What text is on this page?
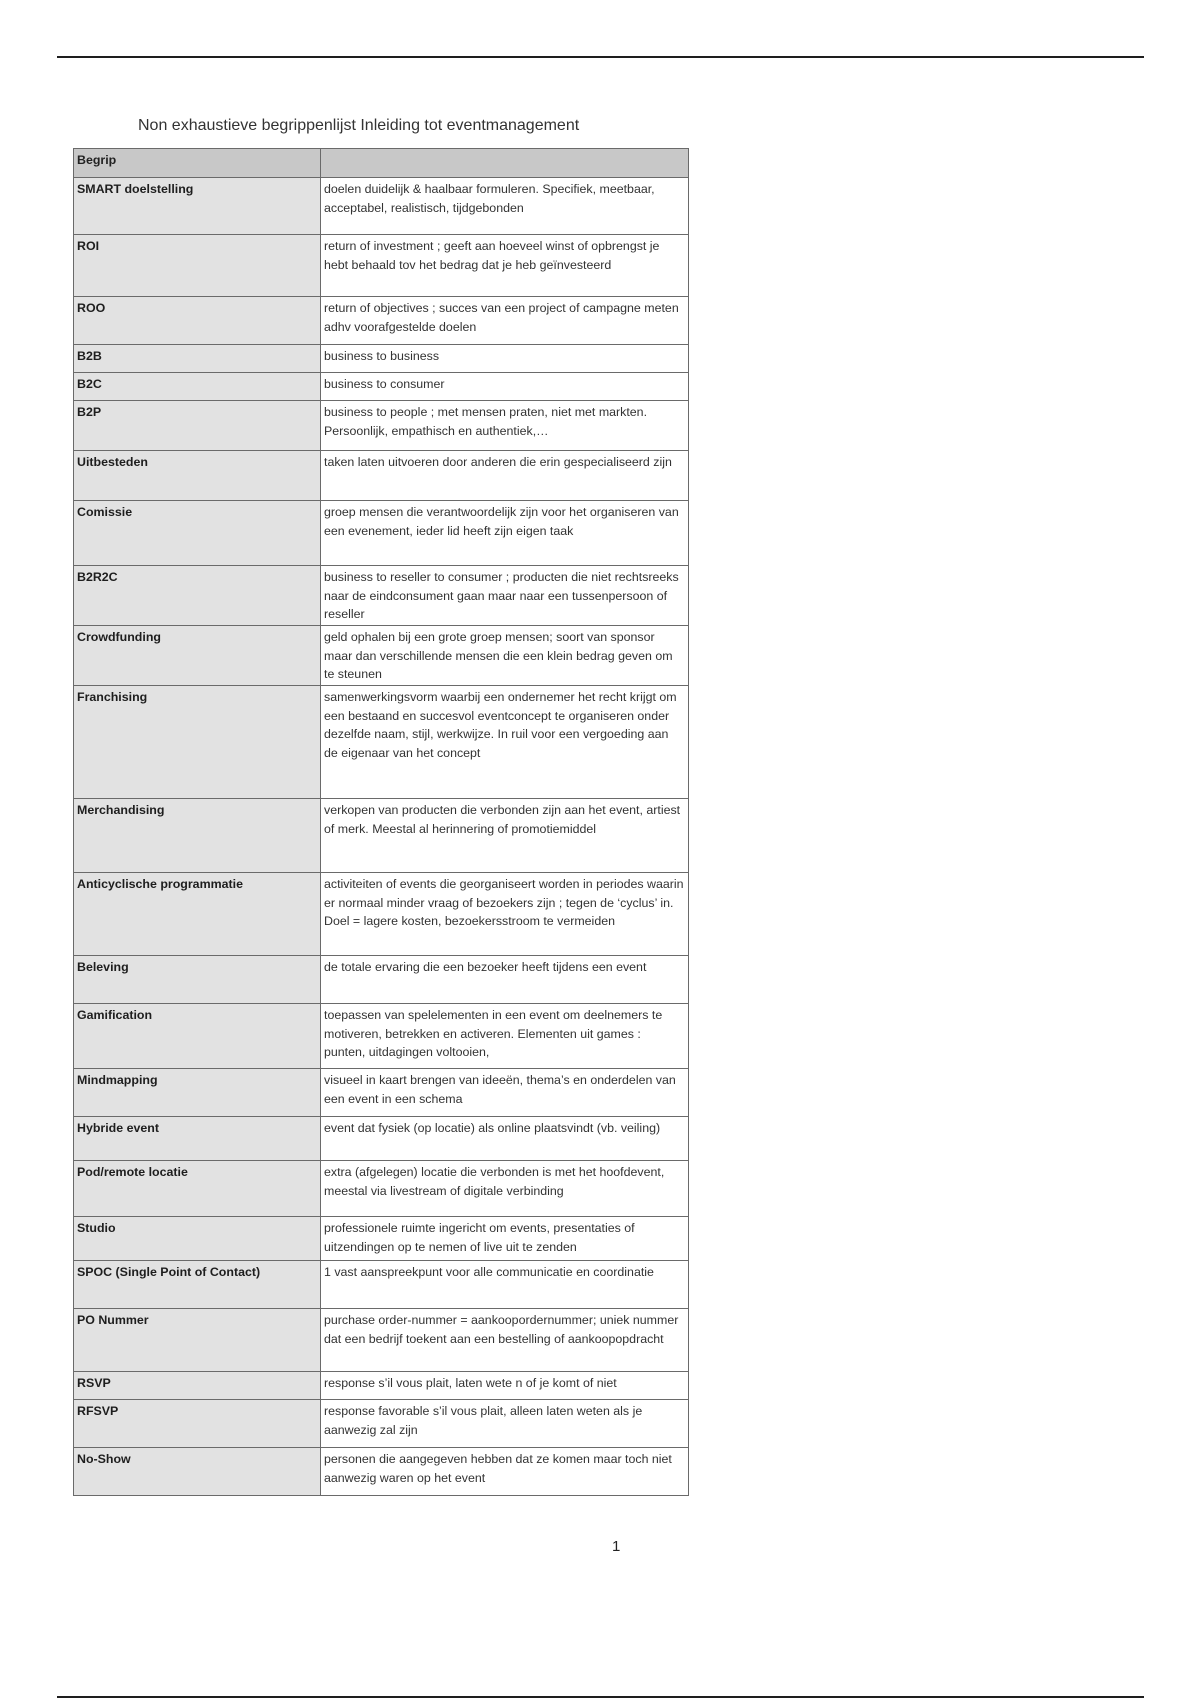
Non exhaustieve begrippenlijst Inleiding tot eventmanagement
Begrip	
SMART doelstelling	doelen duidelijk & haalbaar formuleren. Specifiek, meetbaar, acceptabel, realistisch, tijdgebonden
ROI	return of investment ; geeft aan hoeveel winst of opbrengst je hebt behaald tov het bedrag dat je heb geïnvesteerd
ROO	return of objectives ; succes van een project of campagne meten adhv voorafgestelde doelen
B2B	business to business
B2C	business to consumer
B2P	business to people ; met mensen praten, niet met markten. Persoonlijk, empathisch en authentiek,…
Uitbesteden	taken laten uitvoeren door anderen die erin gespecialiseerd zijn
Comissie	groep mensen die verantwoordelijk zijn voor het organiseren van een evenement, ieder lid heeft zijn eigen taak
B2R2C	business to reseller to consumer ; producten die niet rechtsreeks naar de eindconsument gaan maar naar een tussenpersoon of reseller
Crowdfunding	geld ophalen bij een grote groep mensen; soort van sponsor maar dan verschillende mensen die een klein bedrag geven om te steunen
Franchising	samenwerkingsvorm waarbij een ondernemer het recht krijgt om een bestaand en succesvol eventconcept te organiseren onder dezelfde naam, stijl, werkwijze. In ruil voor een vergoeding aan de eigenaar van het concept
Merchandising	verkopen van producten die verbonden zijn aan het event, artiest of merk. Meestal al herinnering of promotiemiddel
Anticyclische programmatie	activiteiten of events die georganiseert worden in periodes waarin er normaal minder vraag of bezoekers zijn ; tegen de ‘cyclus’ in. Doel = lagere kosten, bezoekersstroom te vermeiden
Beleving	de totale ervaring die een bezoeker heeft tijdens een event
Gamification	toepassen van spelelementen in een event om deelnemers te motiveren, betrekken en activeren. Elementen uit games : punten, uitdagingen voltooien,
Mindmapping	visueel in kaart brengen van ideeën, thema’s en onderdelen van een event in een schema
Hybride event	event dat fysiek (op locatie) als online plaatsvindt (vb. veiling)
Pod/remote locatie	extra (afgelegen) locatie die verbonden is met het hoofdevent, meestal via livestream of digitale verbinding
Studio	professionele ruimte ingericht om events, presentaties of uitzendingen op te nemen of live uit te zenden
SPOC (Single Point of Contact)	1 vast aanspreekpunt voor alle communicatie en coordinatie
PO Nummer	purchase order-nummer = aankoopordernummer; uniek nummer dat een bedrijf toekent aan een bestelling of aankoopopdracht
RSVP	response s’il vous plait, laten wete n of je komt of niet
RFSVP	response favorable s’il vous plait, alleen laten weten als je aanwezig zal zijn
No-Show	personen die aangegeven hebben dat ze komen maar toch niet aanwezig waren op het event
1
